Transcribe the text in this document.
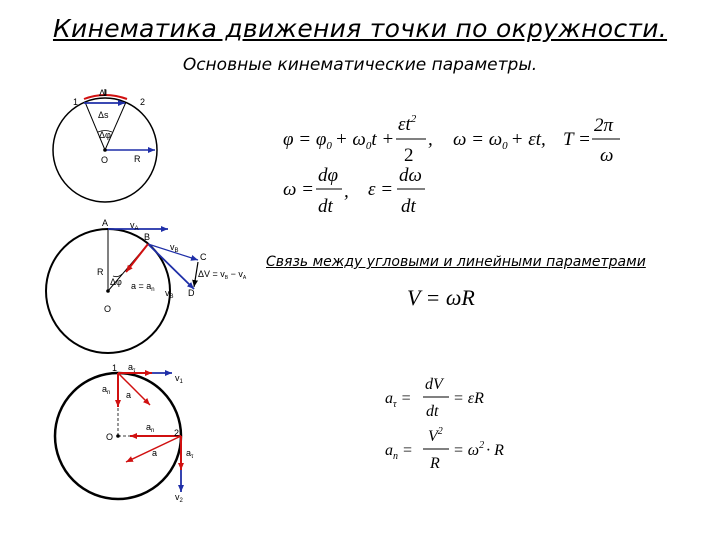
Кинематика движения точки по окружности.
Основные кинематические параметры.
1	2
Δl
Δs
Δφ
O	R
A
B
C
D
R
O
$v_A$
$v_B$
$v_B$
Δφ
$\Delta V = v_B - v_A$
$a = a_n$
1
2
O
$a_\tau$
$a_n$ a
$v_1$
$a_n$
a	$a_\tau$
$v_2$
$\varphi = \varphi_0 + \omega_0t$ +
$\varepsilon t^2$
2
, $\omega = \omega_0 + \varepsilon t$, T =
2π
ω
ω =
dφ
dt
, ε =
dω
dt
V = ωR
$a_\tau$ =
dV
dt
= εR
$a_n$ =
$V^2$
R
= $\omega^2 \cdot R$
Связь между угловыми и линейными параметрами
